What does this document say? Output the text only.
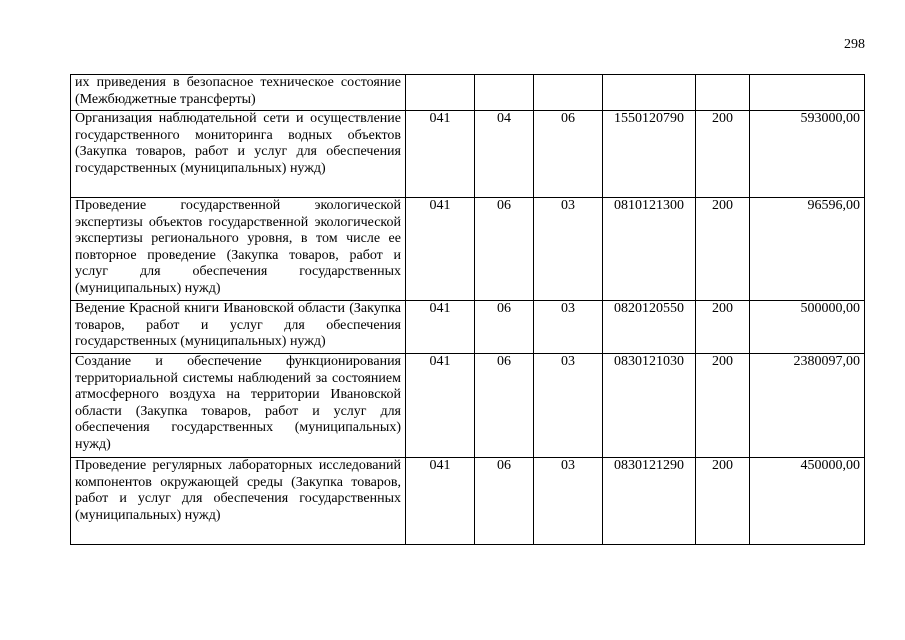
298
их приведения в безопасное техническое состояние (Межбюджетные трансферты)						
Организация наблюдательной сети и осуществление государственного мониторинга водных объектов (Закупка товаров, работ и услуг для обеспечения государственных (муниципальных) нужд)	041	04	06	1550120790	200	593000,00
Проведение государственной экологической экспертизы объектов государственной экологической экспертизы регионального уровня, в том числе ее повторное проведение (Закупка товаров, работ и услуг для обеспечения государственных (муниципальных) нужд)	041	06	03	0810121300	200	96596,00
Ведение Красной книги Ивановской области (Закупка товаров, работ и услуг для обеспечения государственных (муниципальных) нужд)	041	06	03	0820120550	200	500000,00
Создание и обеспечение функционирования территориальной системы наблюдений за состоянием атмосферного воздуха на территории Ивановской области (Закупка товаров, работ и услуг для обеспечения государственных (муниципальных) нужд)	041	06	03	0830121030	200	2380097,00
Проведение регулярных лабораторных исследований компонентов окружающей среды (Закупка товаров, работ и услуг для обеспечения государственных (муниципальных) нужд)	041	06	03	0830121290	200	450000,00
